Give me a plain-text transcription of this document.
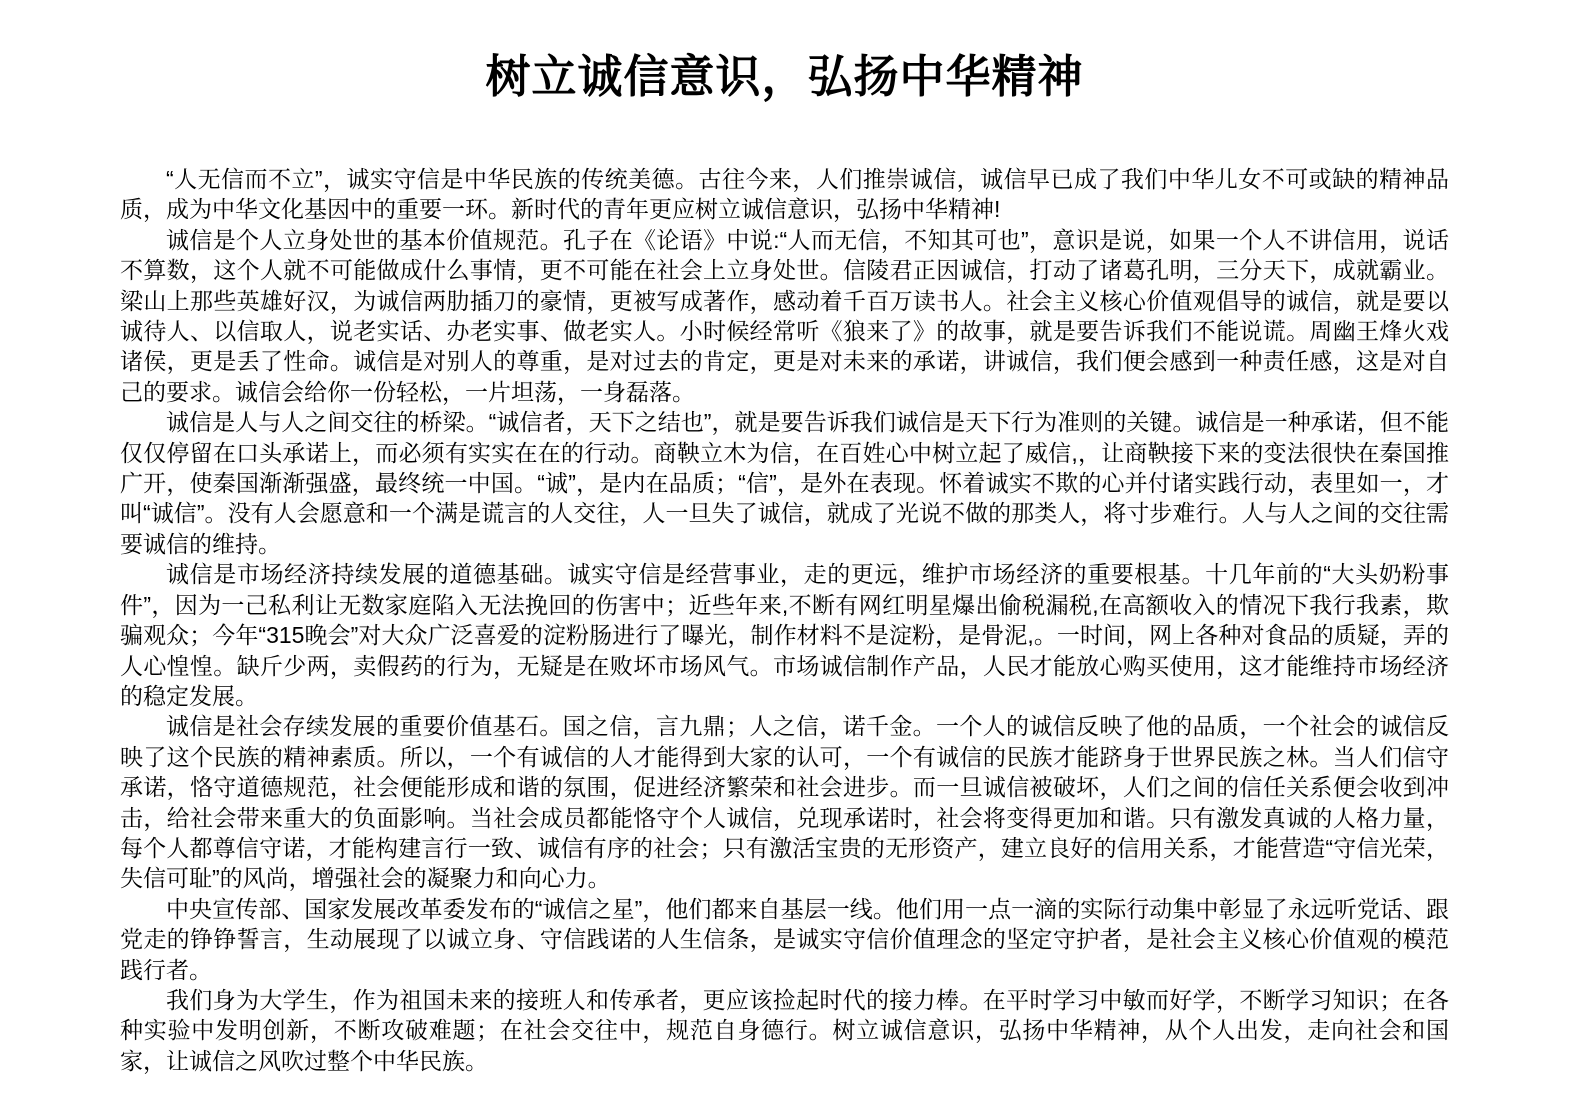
树立诚信意识，弘扬中华精神

“人无信而不立”，诚实守信是中华民族的传统美德。古往今来，人们推崇诚信，诚信早已成了我们中华儿女不可或缺的精神品质，成为中华文化基因中的重要一环。新时代的青年更应树立诚信意识，弘扬中华精神!

诚信是个人立身处世的基本价值规范。孔子在《论语》中说:“人而无信，不知其可也”，意识是说，如果一个人不讲信用，说话不算数，这个人就不可能做成什么事情，更不可能在社会上立身处世。信陵君正因诚信，打动了诸葛孔明，三分天下，成就霸业。梁山上那些英雄好汉，为诚信两肋插刀的豪情，更被写成著作，感动着千百万读书人。社会主义核心价值观倡导的诚信，就是要以诚待人、以信取人，说老实话、办老实事、做老实人。小时候经常听《狼来了》的故事，就是要告诉我们不能说谎。周幽王烽火戏诸侯，更是丢了性命。诚信是对别人的尊重，是对过去的肯定，更是对未来的承诺，讲诚信，我们便会感到一种责任感，这是对自己的要求。诚信会给你一份轻松，一片坦荡，一身磊落。

诚信是人与人之间交往的桥梁。“诚信者，天下之结也”，就是要告诉我们诚信是天下行为准则的关键。诚信是一种承诺，但不能仅仅停留在口头承诺上，而必须有实实在在的行动。商鞅立木为信，在百姓心中树立起了威信,，让商鞅接下来的变法很快在秦国推广开，使秦国渐渐强盛，最终统一中国。“诚”，是内在品质；“信”，是外在表现。怀着诚实不欺的心并付诸实践行动，表里如一，才叫“诚信”。没有人会愿意和一个满是谎言的人交往，人一旦失了诚信，就成了光说不做的那类人，将寸步难行。人与人之间的交往需要诚信的维持。

诚信是市场经济持续发展的道德基础。诚实守信是经营事业，走的更远，维护市场经济的重要根基。十几年前的“大头奶粉事件”，因为一己私利让无数家庭陷入无法挽回的伤害中；近些年来,不断有网红明星爆出偷税漏税,在高额收入的情况下我行我素，欺骗观众；今年“315晚会”对大众广泛喜爱的淀粉肠进行了曝光，制作材料不是淀粉，是骨泥,。一时间，网上各种对食品的质疑，弄的人心惶惶。缺斤少两，卖假药的行为，无疑是在败坏市场风气。市场诚信制作产品，人民才能放心购买使用，这才能维持市场经济的稳定发展。

诚信是社会存续发展的重要价值基石。国之信，言九鼎；人之信，诺千金。一个人的诚信反映了他的品质，一个社会的诚信反映了这个民族的精神素质。所以，一个有诚信的人才能得到大家的认可，一个有诚信的民族才能跻身于世界民族之林。当人们信守承诺，恪守道德规范，社会便能形成和谐的氛围，促进经济繁荣和社会进步。而一旦诚信被破坏，人们之间的信任关系便会收到冲击，给社会带来重大的负面影响。当社会成员都能恪守个人诚信，兑现承诺时，社会将变得更加和谐。只有激发真诚的人格力量，每个人都尊信守诺，才能构建言行一致、诚信有序的社会；只有激活宝贵的无形资产，建立良好的信用关系，才能营造“守信光荣，失信可耻”的风尚，增强社会的凝聚力和向心力。

中央宣传部、国家发展改革委发布的“诚信之星”，他们都来自基层一线。他们用一点一滴的实际行动集中彰显了永远听党话、跟党走的铮铮誓言，生动展现了以诚立身、守信践诺的人生信条，是诚实守信价值理念的坚定守护者，是社会主义核心价值观的模范践行者。

我们身为大学生，作为祖国未来的接班人和传承者，更应该捡起时代的接力棒。在平时学习中敏而好学，不断学习知识；在各种实验中发明创新，不断攻破难题；在社会交往中，规范自身德行。树立诚信意识，弘扬中华精神，从个人出发，走向社会和国家，让诚信之风吹过整个中华民族。
